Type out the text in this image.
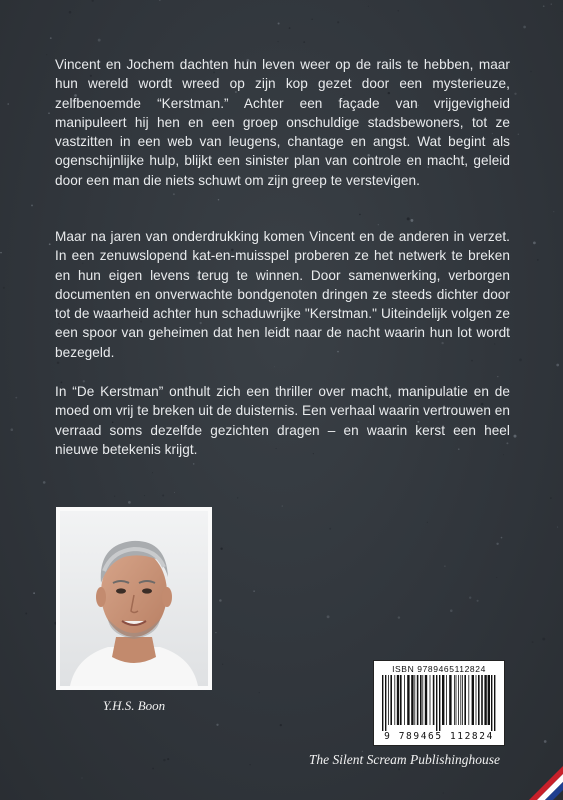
Vincent en Jochem dachten hun leven weer op de rails te hebben, maar hun wereld wordt wreed op zijn kop gezet door een mysterieuze, zelfbenoemde “Kerstman.” Achter een façade van vrijgevigheid manipuleert hij hen en een groep onschuldige stadsbewoners, tot ze vastzitten in een web van leugens, chantage en angst. Wat begint als ogenschijnlijke hulp, blijkt een sinister plan van controle en macht, geleid door een man die niets schuwt om zijn greep te verstevigen.

Maar na jaren van onderdrukking komen Vincent en de anderen in verzet. In een zenuwslopend kat-en-muisspel proberen ze het netwerk te breken en hun eigen levens terug te winnen. Door samenwerking, verborgen documenten en onverwachte bondgenoten dringen ze steeds dichter door tot de waarheid achter hun schaduwrijke "Kerstman." Uiteindelijk volgen ze een spoor van geheimen dat hen leidt naar de nacht waarin hun lot wordt bezegeld.

In “De Kerstman” onthult zich een thriller over macht, manipulatie en de moed om vrij te breken uit de duisternis. Een verhaal waarin vertrouwen en verraad soms dezelfde gezichten dragen – en waarin kerst een heel nieuwe betekenis krijgt.

Y.H.S. Boon
ISBN 9789465112824
9 789465 112824
The Silent Scream Publishinghouse
